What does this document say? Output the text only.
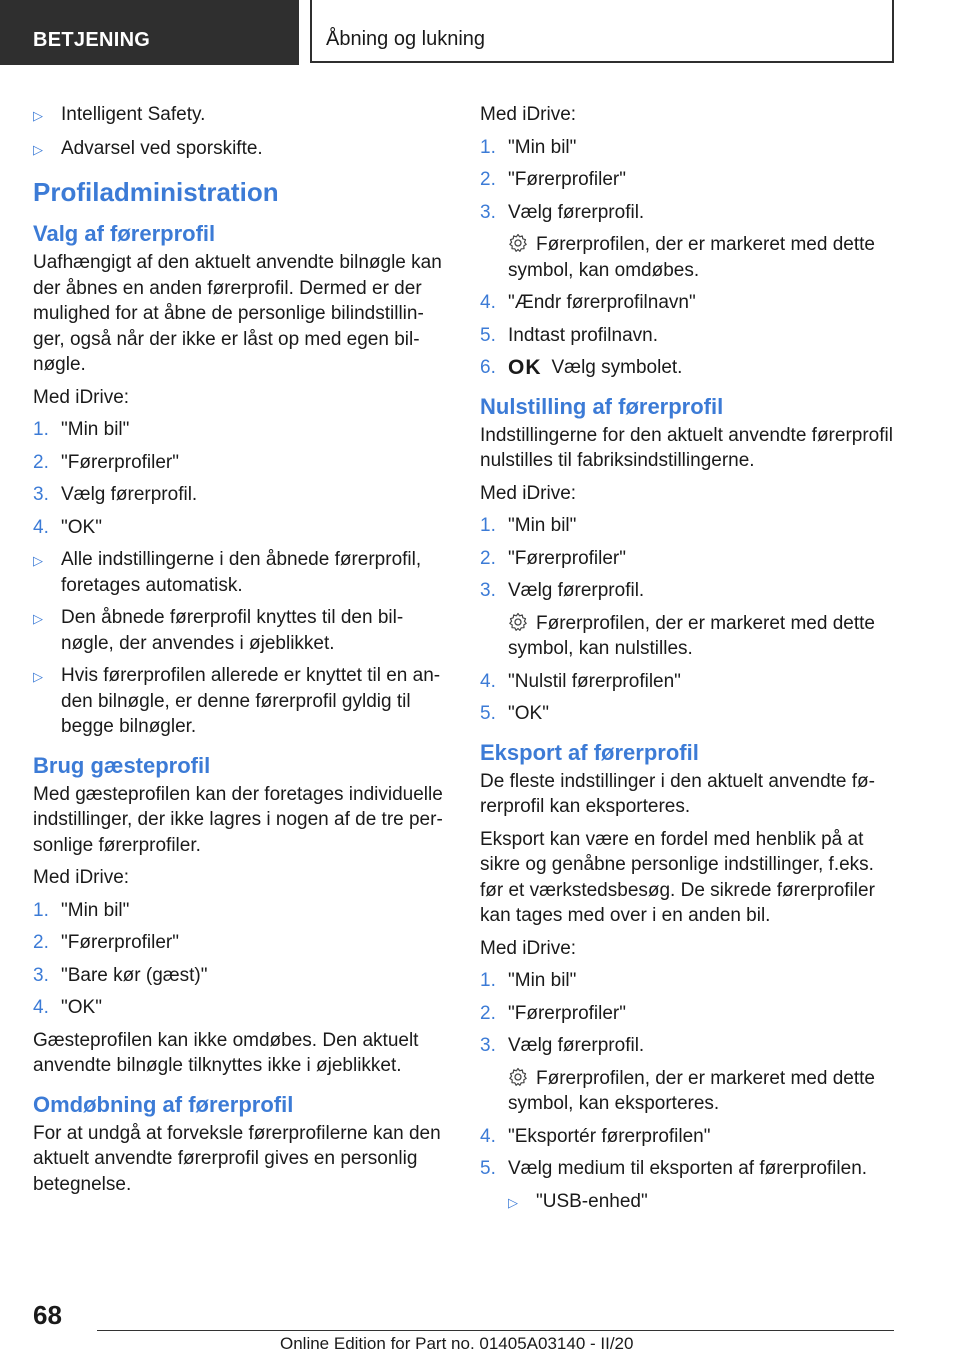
BETJENING	Åbning og lukning
▷ Intelligent Safety.
▷ Advarsel ved sporskifte.
Profiladministration
Valg af førerprofil
Uafhængigt af den aktuelt anvendte bilnøgle kan der åbnes en anden førerprofil. Dermed er der mulighed for at åbne de personlige bilindstillinger, også når der ikke er låst op med egen bilnøgle.
Med iDrive:
1. "Min bil"
2. "Førerprofiler"
3. Vælg førerprofil.
4. "OK"
▷ Alle indstillingerne i den åbnede førerprofil, foretages automatisk.
▷ Den åbnede førerprofil knyttes til den bilnøgle, der anvendes i øjeblikket.
▷ Hvis førerprofilen allerede er knyttet til en anden bilnøgle, er denne førerprofil gyldig til begge bilnøgler.
Brug gæsteprofil
Med gæsteprofilen kan der foretages individuelle indstillinger, der ikke lagres i nogen af de tre personlige førerprofiler.
Med iDrive:
1. "Min bil"
2. "Førerprofiler"
3. "Bare kør (gæst)"
4. "OK"
Gæsteprofilen kan ikke omdøbes. Den aktuelt anvendte bilnøgle tilknyttes ikke i øjeblikket.
Omdøbning af førerprofil
For at undgå at forveksle førerprofilerne kan den aktuelt anvendte førerprofil gives en personlig betegnelse.
Med iDrive:
1. "Min bil"
2. "Førerprofiler"
3. Vælg førerprofil.
Førerprofilen, der er markeret med dette symbol, kan omdøbes.
4. "Ændr førerprofilnavn"
5. Indtast profilnavn.
6. OK Vælg symbolet.
Nulstilling af førerprofil
Indstillingerne for den aktuelt anvendte førerprofil nulstilles til fabriksindstillingerne.
Med iDrive:
1. "Min bil"
2. "Førerprofiler"
3. Vælg førerprofil.
Førerprofilen, der er markeret med dette symbol, kan nulstilles.
4. "Nulstil førerprofilen"
5. "OK"
Eksport af førerprofil
De fleste indstillinger i den aktuelt anvendte førerprofil kan eksporteres.
Eksport kan være en fordel med henblik på at sikre og genåbne personlige indstillinger, f.eks. før et værkstedsbesøg. De sikrede førerprofiler kan tages med over i en anden bil.
Med iDrive:
1. "Min bil"
2. "Førerprofiler"
3. Vælg førerprofil.
Førerprofilen, der er markeret med dette symbol, kan eksporteres.
4. "Eksportér førerprofilen"
5. Vælg medium til eksporten af førerprofilen.
▷ "USB-enhed"
68
Online Edition for Part no. 01405A03140 - II/20
